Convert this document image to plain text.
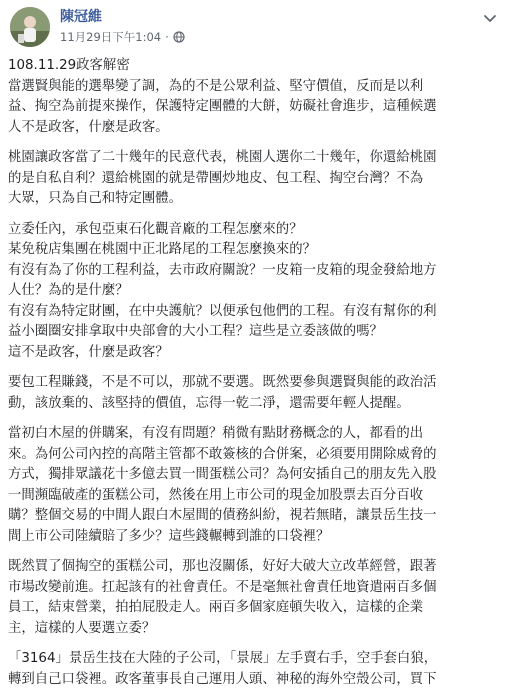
陳冠維
11月29日下午1:04 ·
108.11.29政客解密
當選賢與能的選舉變了調，為的不是公眾利益、堅守價值，反而是以利
益、掏空為前提來操作，保護特定團體的大餅，妨礙社會進步，這種候選
人不是政客，什麼是政客。
桃園讓政客當了二十幾年的民意代表，桃園人選你二十幾年，你還給桃園
的是自私自利？還給桃園的就是帶團炒地皮、包工程、掏空台灣？不為
大眾，只為自己和特定團體。
立委任內，承包亞東石化觀音廠的工程怎麼來的？
某免稅店集團在桃園中正北路尾的工程怎麼換來的？
有沒有為了你的工程利益，去市政府關說？一皮箱一皮箱的現金發給地方
人仕？為的是什麼？
有沒有為特定財團，在中央護航？以便承包他們的工程。有沒有幫你的利
益小圈圈安排拿取中央部會的大小工程？這些是立委該做的嗎？
這不是政客，什麼是政客？
要包工程賺錢，不是不可以，那就不要選。既然要參與選賢與能的政治活
動，該放棄的、該堅持的價值，忘得一乾二淨，還需要年輕人提醒。
當初白木屋的併購案，有沒有問題？稍微有點財務概念的人，都看的出
來。為何公司內控的高階主管都不敢簽核的合併案，必須要用開除威脅的
方式，獨排眾議花十多億去買一間蛋糕公司？為何安插自己的朋友先入股
一間瀕臨破產的蛋糕公司，然後在用上市公司的現金加股票去百分百收
購？整個交易的中間人跟白木屋間的債務糾紛，視若無睹，讓景岳生技一
間上市公司陸續賠了多少？這些錢輾轉到誰的口袋裡？
既然買了個掏空的蛋糕公司，那也沒關係，好好大破大立改革經營，跟著
市場改變前進。扛起該有的社會責任。不是毫無社會責任地資遣兩百多個
員工，結束營業，拍拍屁股走人。兩百多個家庭頓失收入，這樣的企業
主，這樣的人要選立委？
「3164」景岳生技在大陸的子公司，「景展」左手賣右手，空手套白狼，
轉到自己口袋裡。政客董事長自己運用人頭、神秘的海外空殼公司，買下
